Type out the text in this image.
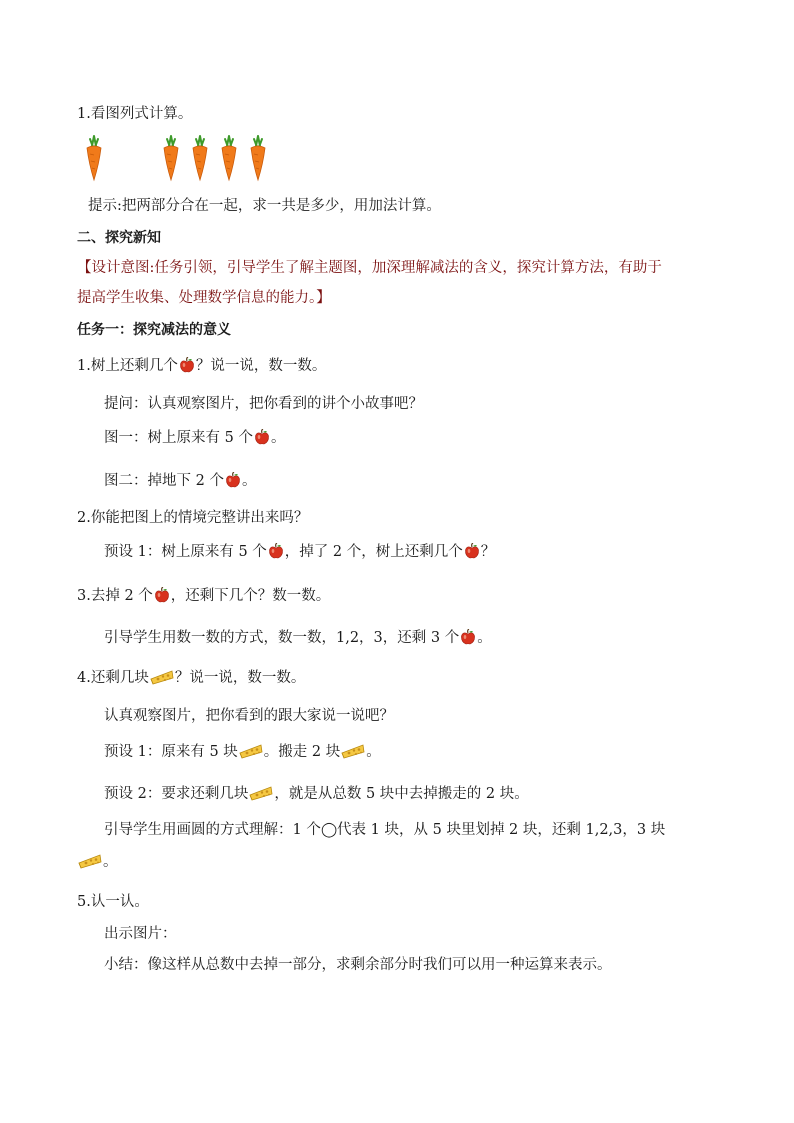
1.看图列式计算。
提示:把两部分合在一起，求一共是多少，用加法计算。
二、探究新知
【设计意图:任务引领，引导学生了解主题图，加深理解减法的含义，探究计算方法，有助于
提高学生收集、处理数学信息的能力。】
任务一：探究减法的意义
1.树上还剩几个 ？说一说，数一数。
提问：认真观察图片，把你看到的讲个小故事吧？
图一：树上原来有 5 个 。
图二：掉地下 2 个 。
2.你能把图上的情境完整讲出来吗？
预设 1：树上原来有 5 个 ，掉了 2 个，树上还剩几个 ？
3.去掉 2 个 ，还剩下几个？数一数。
引导学生用数一数的方式，数一数，1,2，3，还剩 3 个 。
4.还剩几块 ？说一说，数一数。
认真观察图片，把你看到的跟大家说一说吧？
预设 1：原来有 5 块 。搬走 2 块 。
预设 2：要求还剩几块 ，就是从总数 5 块中去掉搬走的 2 块。
引导学生用画圆的方式理解：1 个◯代表 1 块，从 5 块里划掉 2 块，还剩 1,2,3，3 块
。
5.认一认。
出示图片：
小结：像这样从总数中去掉一部分，求剩余部分时我们可以用一种运算来表示。
